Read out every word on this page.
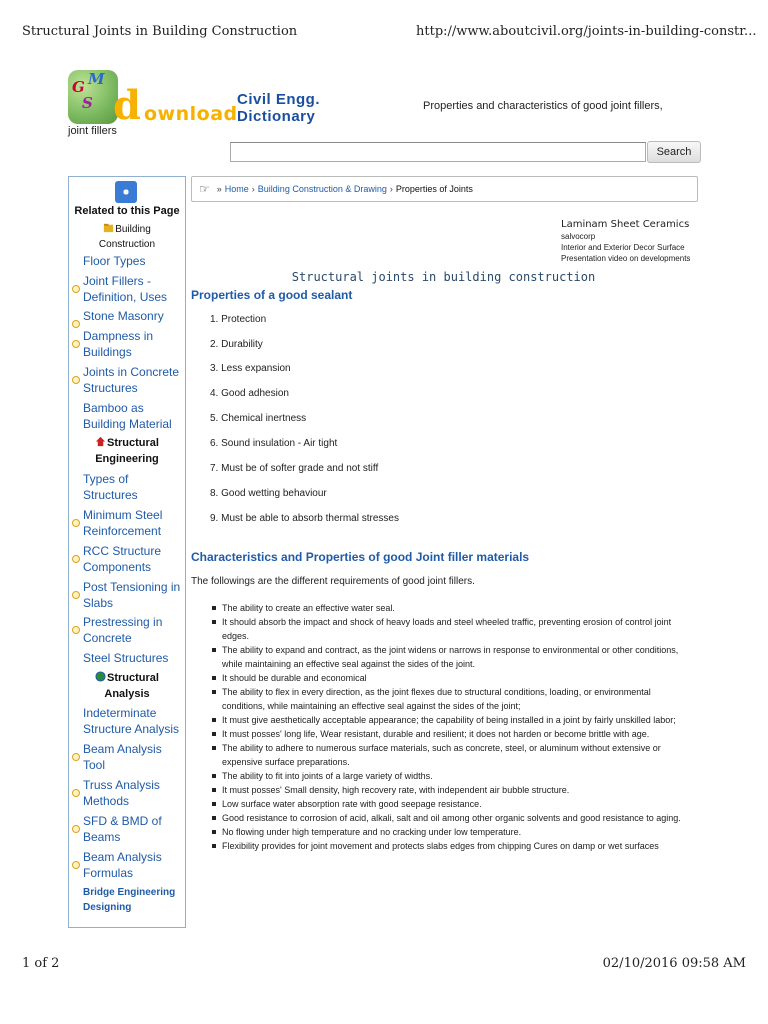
Structural Joints in Building Construction	http://www.aboutcivil.org/joints-in-building-constr...
1 of 2	02/10/2016 09:58 AM
G M
S d ownload
Civil Engg.
Dictionary
Properties and characteristics of good joint fillers,
joint fillers
Search
Related to this Page
Building Construction
Floor Types
Joint Fillers - Definition, Uses
Stone Masonry
Dampness in Buildings
Joints in Concrete Structures
Bamboo as Building Material
Structural Engineering
Types of Structures
Minimum Steel Reinforcement
RCC Structure Components
Post Tensioning in Slabs
Prestressing in Concrete
Steel Structures
Structural Analysis
Indeterminate Structure Analysis
Beam Analysis Tool
Truss Analysis Methods
SFD & BMD of Beams
Beam Analysis Formulas
Bridge Engineering Designing
☞ » Home › Building Construction & Drawing › Properties of Joints
Laminam Sheet Ceramics
salvocorp
Interior and Exterior Decor Surface
Presentation video on developments
Structural joints in building construction
Properties of a good sealant
1. Protection
2. Durability
3. Less expansion
4. Good adhesion
5. Chemical inertness
6. Sound insulation - Air tight
7. Must be of softer grade and not stiff
8. Good wetting behaviour
9. Must be able to absorb thermal stresses
Characteristics and Properties of good Joint filler materials
The followings are the different requirements of good joint fillers.
The ability to create an effective water seal.
It should absorb the impact and shock of heavy loads and steel wheeled traffic, preventing erosion of control joint edges.
The ability to expand and contract, as the joint widens or narrows in response to environmental or other conditions, while maintaining an effective seal against the sides of the joint.
It should be durable and economical
The ability to flex in every direction, as the joint flexes due to structural conditions, loading, or environmental conditions, while maintaining an effective seal against the sides of the joint;
It must give aesthetically acceptable appearance; the capability of being installed in a joint by fairly unskilled labor;
It must posses' long life, Wear resistant, durable and resilient; it does not harden or become brittle with age.
The ability to adhere to numerous surface materials, such as concrete, steel, or aluminum without extensive or expensive surface preparations.
The ability to fit into joints of a large variety of widths.
It must posses' Small density, high recovery rate, with independent air bubble structure.
Low surface water absorption rate with good seepage resistance.
Good resistance to corrosion of acid, alkali, salt and oil among other organic solvents and good resistance to aging.
No flowing under high temperature and no cracking under low temperature.
Flexibility provides for joint movement and protects slabs edges from chipping Cures on damp or wet surfaces
